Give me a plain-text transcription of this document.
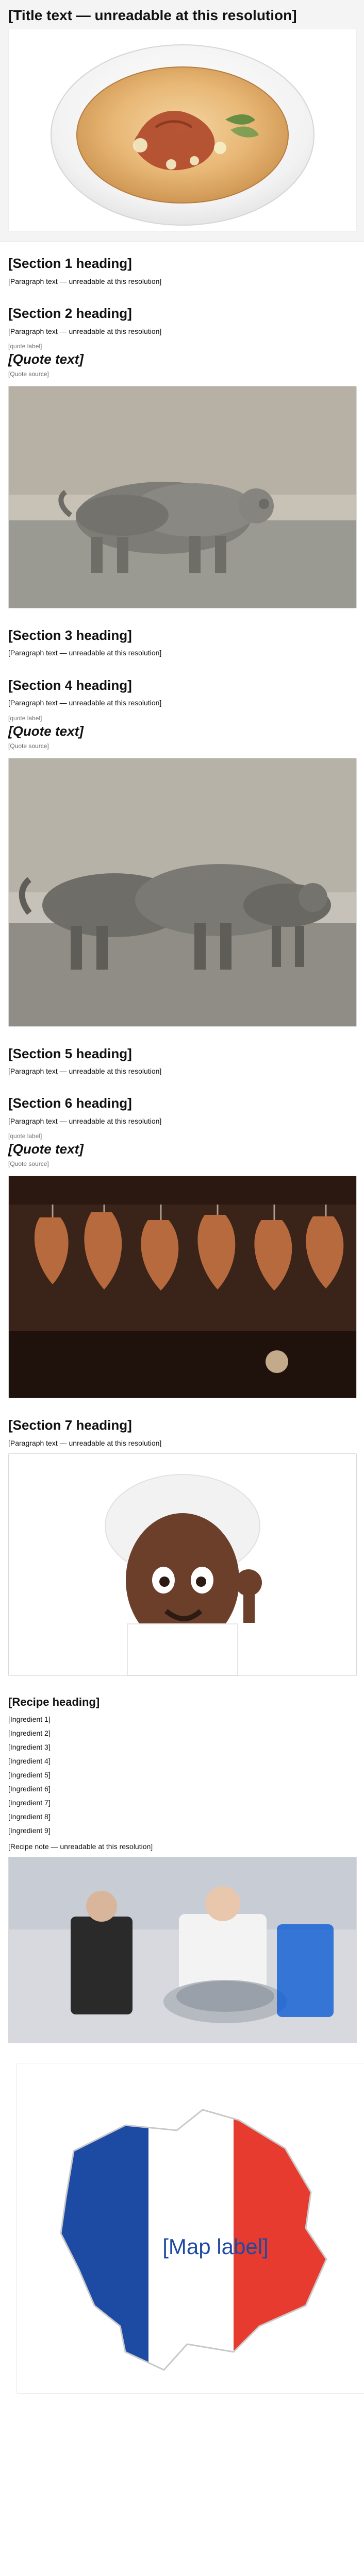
[Title text — unreadable at this resolution]
[Section 1 heading]

[Paragraph text — unreadable at this resolution]

[Section 2 heading]

[Paragraph text — unreadable at this resolution]

[quote label]
[Quote text]

[Quote source]

[Section 3 heading]

[Paragraph text — unreadable at this resolution]

[Section 4 heading]

[Paragraph text — unreadable at this resolution]

[quote label]
[Quote text]

[Quote source]

[Section 5 heading]

[Paragraph text — unreadable at this resolution]

[Section 6 heading]

[Paragraph text — unreadable at this resolution]

[quote label]
[Quote text]

[Quote source]

[Section 7 heading]

[Paragraph text — unreadable at this resolution]

[Recipe heading]
[Ingredient 1]
[Ingredient 2]
[Ingredient 3]
[Ingredient 4]
[Ingredient 5]
[Ingredient 6]
[Ingredient 7]
[Ingredient 8]
[Ingredient 9]

[Recipe note — unreadable at this resolution]

[Map label]
